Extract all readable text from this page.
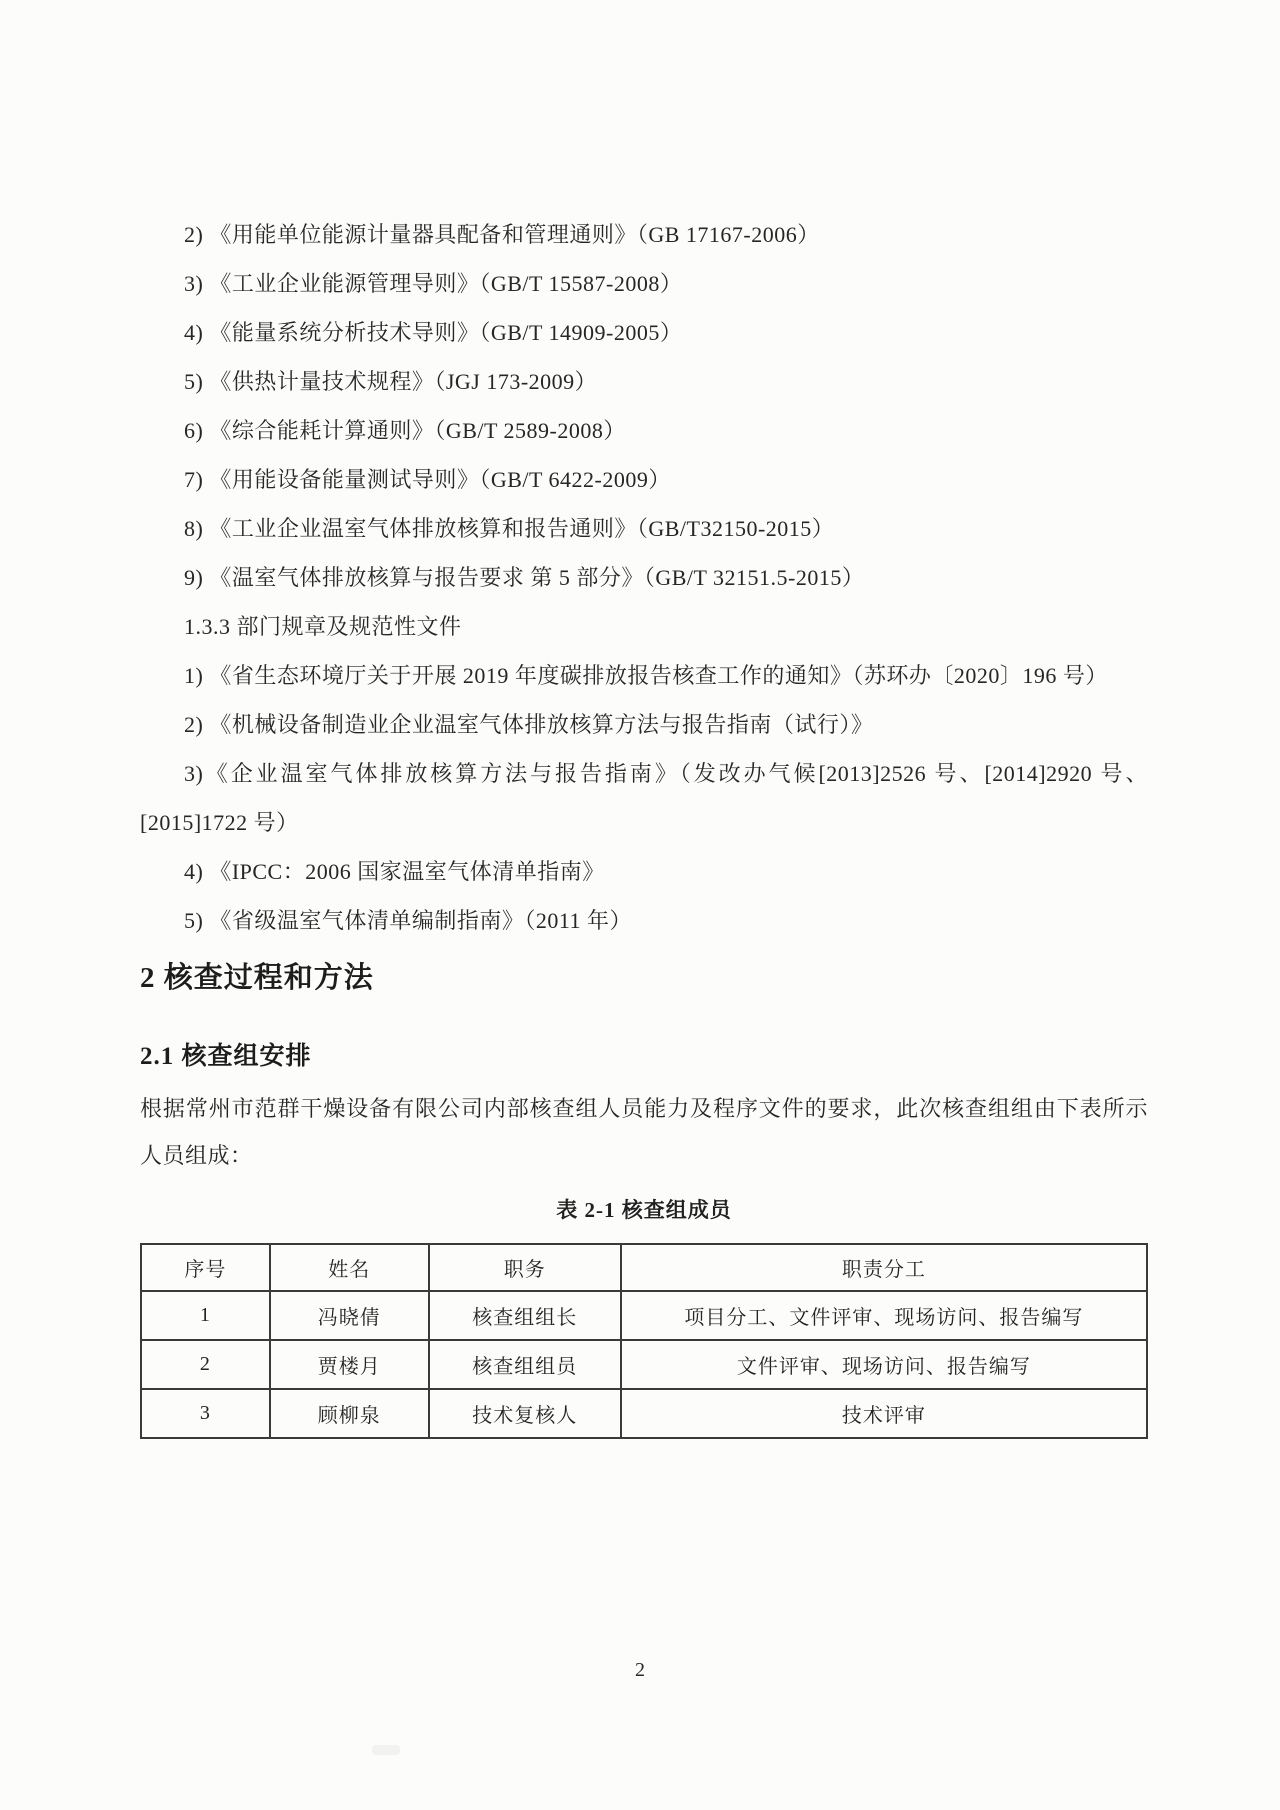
2) 《用能单位能源计量器具配备和管理通则》（GB 17167-2006）

3) 《工业企业能源管理导则》（GB/T 15587-2008）

4) 《能量系统分析技术导则》（GB/T 14909-2005）

5) 《供热计量技术规程》（JGJ 173-2009）

6) 《综合能耗计算通则》（GB/T 2589-2008）

7) 《用能设备能量测试导则》（GB/T 6422-2009）

8) 《工业企业温室气体排放核算和报告通则》（GB/T32150-2015）

9) 《温室气体排放核算与报告要求 第 5 部分》（GB/T 32151.5-2015）

1.3.3 部门规章及规范性文件

1) 《省生态环境厅关于开展 2019 年度碳排放报告核查工作的通知》（苏环办〔2020〕196 号）

2) 《机械设备制造业企业温室气体排放核算方法与报告指南（试行）》

3)《企业温室气体排放核算方法与报告指南》（发改办气候[2013]2526 号、[2014]2920 号、[2015]1722 号）

4) 《IPCC：2006 国家温室气体清单指南》

5) 《省级温室气体清单编制指南》（2011 年）

2 核查过程和方法
2.1 核查组安排

根据常州市范群干燥设备有限公司内部核查组人员能力及程序文件的要求，此次核查组组由下表所示人员组成：

表 2-1 核查组成员
序号	姓名	职务	职责分工
1	冯晓倩	核查组组长	项目分工、文件评审、现场访问、报告编写
2	贾楼月	核查组组员	文件评审、现场访问、报告编写
3	顾柳泉	技术复核人	技术评审
2
